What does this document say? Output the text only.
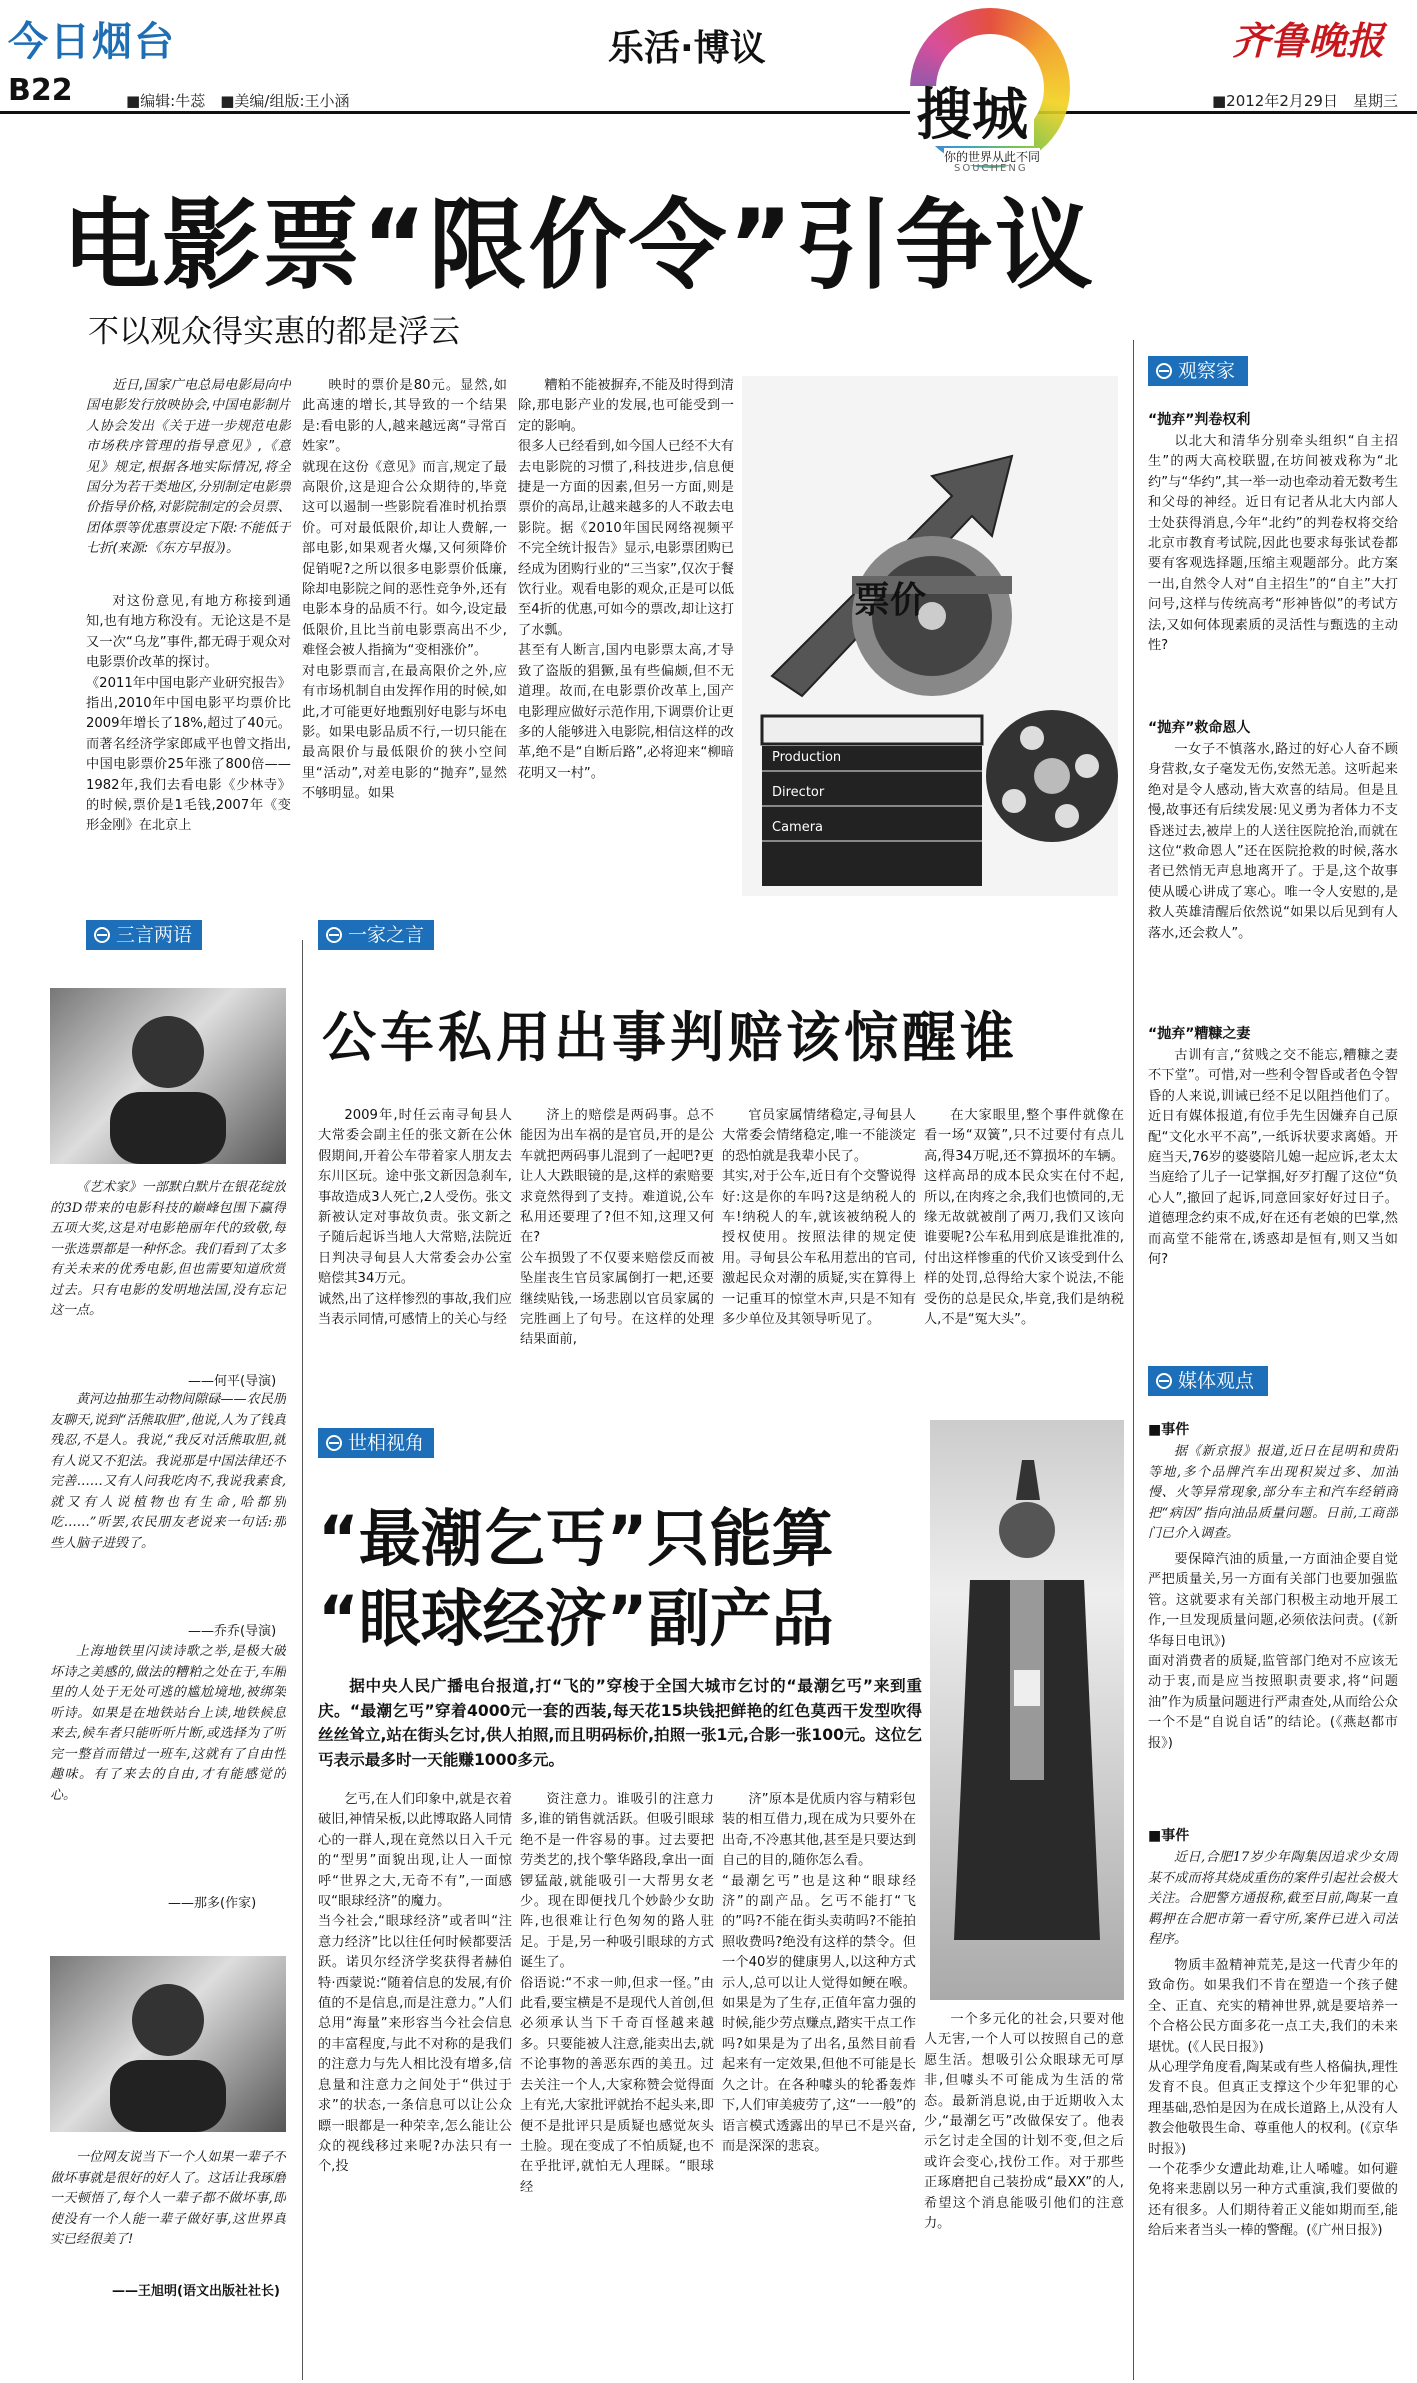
今日烟台	乐活·博议	齐鲁晚报
B22	■编辑:牛蕊　■美编/组版:王小涵	■2012年2月29日　星期三
搜城
你的世界从此不同
SOUCHENG
电影票“限价令”引争议
不以观众得实惠的都是浮云
近日,国家广电总局电影局向中国电影发行放映协会,中国电影制片人协会发出《关于进一步规范电影市场秩序管理的指导意见》,《意见》规定,根据各地实际情况,将全国分为若干类地区,分别制定电影票价指导价格,对影院制定的会员票、团体票等优惠票设定下限:不能低于七折(来源:《东方早报》)。
对这份意见,有地方称接到通知,也有地方称没有。无论这是不是又一次“乌龙”事件,都无碍于观众对电影票价改革的探讨。
《2011年中国电影产业研究报告》指出,2010年中国电影平均票价比2009年增长了18%,超过了40元。而著名经济学家郎咸平也曾文指出,中国电影票价25年涨了800倍——1982年,我们去看电影《少林寺》的时候,票价是1毛钱,2007年《变形金刚》在北京上
映时的票价是80元。显然,如此高速的增长,其导致的一个结果是:看电影的人,越来越远离“寻常百姓家”。
就现在这份《意见》而言,规定了最高限价,这是迎合公众期待的,毕竟这可以遏制一些影院看准时机抬票价。可对最低限价,却让人费解,一部电影,如果观者火爆,又何须降价促销呢?之所以很多电影票价低廉,除却电影院之间的恶性竞争外,还有电影本身的品质不行。如今,设定最低限价,且比当前电影票高出不少,难怪会被人指摘为“变相涨价”。
对电影票而言,在最高限价之外,应有市场机制自由发挥作用的时候,如此,才可能更好地甄别好电影与坏电影。如果电影品质不行,一切只能在最高限价与最低限价的狭小空间里“活动”,对差电影的“抛弃”,显然不够明显。如果
糟粕不能被摒弃,不能及时得到清除,那电影产业的发展,也可能受到一定的影响。
很多人已经看到,如今国人已经不大有去电影院的习惯了,科技进步,信息便捷是一方面的因素,但另一方面,则是票价的高昂,让越来越多的人不敢去电影院。据《2010年国民网络视频平不完全统计报告》显示,电影票团购已经成为团购行业的“三当家”,仅次于餐饮行业。观看电影的观众,正是可以低至4折的优惠,可如今的票改,却让这打了水瓢。
甚至有人断言,国内电影票太高,才导致了盗版的猖獗,虽有些偏颇,但不无道理。故而,在电影票价改革上,国产电影理应做好示范作用,下调票价让更多的人能够进入电影院,相信这样的改革,绝不是“自断后路”,必将迎来“柳暗花明又一村”。
票价
Production
Director
Camera
三言两语
《艺术家》一部默白默片在银花绽放的3D带来的电影科技的巅峰包围下赢得五项大奖,这是对电影艳丽年代的致敬,每一张选票都是一种怀念。我们看到了太多有关未来的优秀电影,但也需要知道欣赏过去。只有电影的发明地法国,没有忘记这一点。
——何平(导演)
黄河边抽那生动物间隙碌——农民朋友聊天,说到“活熊取胆”,他说,人为了钱真残忍,不是人。我说,“我反对活熊取胆,就有人说又不犯法。我说那是中国法律还不完善……又有人问我吃肉不,我说我素食,就又有人说植物也有生命,哈都别吃……”听罢,农民朋友老说来一句话:那些人脑子进毁了。
——乔乔(导演)
上海地铁里闪读诗歌之举,是极大破坏诗之美感的,做法的糟粕之处在于,车厢里的人处于无处可逃的尴尬境地,被绑架听诗。如果是在地铁站台上读,地铁候息来去,候车者只能听听片断,或选择为了听完一整首而错过一班车,这就有了自由性趣味。有了来去的自由,才有能感觉的心。
——那多(作家)
一位网友说当下一个人如果一辈子不做坏事就是很好的好人了。这话让我琢磨一天顿悟了,每个人一辈子都不做坏事,即使没有一个人能一辈子做好事,这世界真实已经很美了!
——王旭明(语文出版社社长)
一家之言
公车私用出事判赔该惊醒谁
2009年,时任云南寻甸县人大常委会副主任的张文新在公休假期间,开着公车带着家人朋友去东川区玩。途中张文新因急刹车,事故造成3人死亡,2人受伤。张文新被认定对事故负责。张文新之子随后起诉当地人大常赔,法院近日判决寻甸县人大常委会办公室赔偿其34万元。
诚然,出了这样惨烈的事故,我们应当表示同情,可感情上的关心与经
济上的赔偿是两码事。总不能因为出车祸的是官员,开的是公车就把两码事儿混到了一起吧?更让人大跌眼镜的是,这样的索赔要求竟然得到了支持。难道说,公车私用还要理了?但不知,这理又何在?
公车损毁了不仅要来赔偿反而被坠崖丧生官员家属倒打一耙,还要继续贴钱,一场悲剧以官员家属的完胜画上了句号。在这样的处理结果面前,
官员家属情绪稳定,寻甸县人大常委会情绪稳定,唯一不能淡定的恐怕就是我辈小民了。
其实,对于公车,近日有个交警说得好:这是你的车吗?这是纳税人的车!纳税人的车,就该被纳税人的授权使用。按照法律的规定使用。寻甸县公车私用惹出的官司,激起民众对潮的质疑,实在算得上一记重耳的惊堂木声,只是不知有多少单位及其领导听见了。
在大家眼里,整个事件就像在看一场“双簧”,只不过要付有点儿高,得34万呢,还不算损坏的车辆。这样高昂的成本民众实在付不起,所以,在肉疼之余,我们也愤同的,无缘无故就被削了两刀,我们又该向谁要呢?公车私用到底是谁批准的,付出这样惨重的代价又该受到什么样的处罚,总得给大家个说法,不能受伤的总是民众,毕竟,我们是纳税人,不是“冤大头”。
世相视角
“最潮乞丐”只能算
“眼球经济”副产品
据中央人民广播电台报道,打“飞的”穿梭于全国大城市乞讨的“最潮乞丐”来到重庆。“最潮乞丐”穿着4000元一套的西装,每天花15块钱把鲜艳的红色莫西干发型吹得丝丝耸立,站在街头乞讨,供人拍照,而且明码标价,拍照一张1元,合影一张100元。这位乞丐表示最多时一天能赚1000多元。
乞丐,在人们印象中,就是衣着破旧,神情呆板,以此博取路人同情心的一群人,现在竟然以日入千元的“型男”面貌出现,让人一面惊呼“世界之大,无奇不有”,一面感叹“眼球经济”的魔力。
当今社会,“眼球经济”或者叫“注意力经济”比以往任何时候都要活跃。诺贝尔经济学奖获得者赫伯特·西蒙说:“随着信息的发展,有价值的不是信息,而是注意力。”人们总用“海量”来形容当今社会信息的丰富程度,与此不对称的是我们的注意力与先人相比没有增多,信息量和注意力之间处于“供过于求”的状态,一条信息可以让公众瞟一眼都是一种荣幸,怎么能让公众的视线移过来呢?办法只有一个,投
资注意力。谁吸引的注意力多,谁的销售就活跃。但吸引眼球绝不是一件容易的事。过去要把劳类艺的,找个擎华路段,拿出一面锣猛敲,就能吸引一大帮男女老少。现在即便找几个妙龄少女助阵,也很难让行色匆匆的路人驻足。于是,另一种吸引眼球的方式诞生了。
俗语说:“不求一帅,但求一怪。”由此看,要宝横是不是现代人首创,但必须承认当下千奇百怪越来越多。只要能被人注意,能卖出去,就不论事物的善恶东西的美丑。过去关注一个人,大家称赞会觉得面上有光,大家批评就抬不起头来,即便不是批评只是质疑也感觉灰头土脸。现在变成了不怕质疑,也不在乎批评,就怕无人理睬。“眼球经
济”原本是优质内容与精彩包装的相互借力,现在成为只要外在出奇,不冷惠其他,甚至是只要达到自己的目的,随你怎么看。
“最潮乞丐”也是这种“眼球经济”的副产品。乞丐不能打“飞的”吗?不能在街头卖萌吗?不能拍照收费吗?绝没有这样的禁令。但一个40岁的健康男人,以这种方式示人,总可以让人觉得如鲠在喉。如果是为了生存,正值年富力强的时候,能少劳点赚点,踏实干点工作吗?如果是为了出名,虽然目前看起来有一定效果,但他不可能是长久之计。在各种噱头的轮番轰炸下,人们审美疲劳了,这“一一般”的语言模式透露出的早已不是兴奋,而是深深的悲哀。
一个多元化的社会,只要对他人无害,一个人可以按照自己的意愿生活。想吸引公众眼球无可厚非,但噱头不可能成为生活的常态。最新消息说,由于近期收入太少,“最潮乞丐”改做保安了。他表示乞讨走全国的计划不变,但之后或许会变心,找份工作。对于那些正琢磨把自己装扮成“最XX”的人,希望这个消息能吸引他们的注意力。
观察家
“抛弃”判卷权利
以北大和清华分别牵头组织“自主招生”的两大高校联盟,在坊间被戏称为“北约”与“华约”,其一举一动也牵动着无数考生和父母的神经。近日有记者从北大内部人士处获得消息,今年“北约”的判卷权将交给北京市教育考试院,因此也要求每张试卷都要有客观选择题,压缩主观题部分。此方案一出,自然令人对“自主招生”的“自主”大打问号,这样与传统高考“形神皆似”的考试方法,又如何体现素质的灵活性与甄选的主动性?
“抛弃”救命恩人
一女子不慎落水,路过的好心人奋不顾身营救,女子毫发无伤,安然无恙。这听起来绝对是令人感动,皆大欢喜的结局。但是且慢,故事还有后续发展:见义勇为者体力不支昏迷过去,被岸上的人送往医院抢治,而就在这位“救命恩人”还在医院抢救的时候,落水者已然悄无声息地离开了。于是,这个故事使从暖心讲成了寒心。唯一令人安慰的,是救人英雄清醒后依然说“如果以后见到有人落水,还会救人”。
“抛弃”糟糠之妻
古训有言,“贫贱之交不能忘,糟糠之妻不下堂”。可惜,对一些利令智昏或者色令智昏的人来说,训诫已经不足以阻挡他们了。近日有媒体报道,有位手先生因嫌弃自己原配“文化水平不高”,一纸诉状要求离婚。开庭当天,76岁的婆婆陪儿媳一起应诉,老太太当庭给了儿子一记掌掴,好歹打醒了这位“负心人”,撤回了起诉,同意回家好好过日子。道德理念约束不成,好在还有老娘的巴掌,然而高堂不能常在,诱惑却是恒有,则又当如何?
媒体观点
■事件
据《新京报》报道,近日在昆明和贵阳等地,多个品牌汽车出现积炭过多、加油慢、火等异常现象,部分车主和汽车经销商把“病因”指向油品质量问题。日前,工商部门已介入调查。
要保障汽油的质量,一方面油企要自觉严把质量关,另一方面有关部门也要加强监管。这就要求有关部门积极主动地开展工作,一旦发现质量问题,必须依法问责。(《新华每日电讯》)
面对消费者的质疑,监管部门绝对不应该无动于衷,而是应当按照职责要求,将“问题油”作为质量问题进行严肃查处,从而给公众一个不是“自说自话”的结论。(《燕赵都市报》)
■事件
近日,合肥17岁少年陶集因追求少女周某不成而将其烧成重伤的案件引起社会极大关注。合肥警方通报称,截至目前,陶某一直羁押在合肥市第一看守所,案件已进入司法程序。
物质丰盈精神荒芜,是这一代青少年的致命伤。如果我们不肯在塑造一个孩子健全、正直、充实的精神世界,就是要培养一个合格公民方面多花一点工夫,我们的未来堪忧。(《人民日报》)
从心理学角度看,陶某或有些人格偏执,理性发育不良。但真正支撑这个少年犯罪的心理基础,恐怕是因为在成长道路上,从没有人教会他敬畏生命、尊重他人的权利。(《京华时报》)
一个花季少女遭此劫难,让人唏嘘。如何避免将来悲剧以另一种方式重演,我们要做的还有很多。人们期待着正义能如期而至,能给后来者当头一棒的警醒。(《广州日报》)
